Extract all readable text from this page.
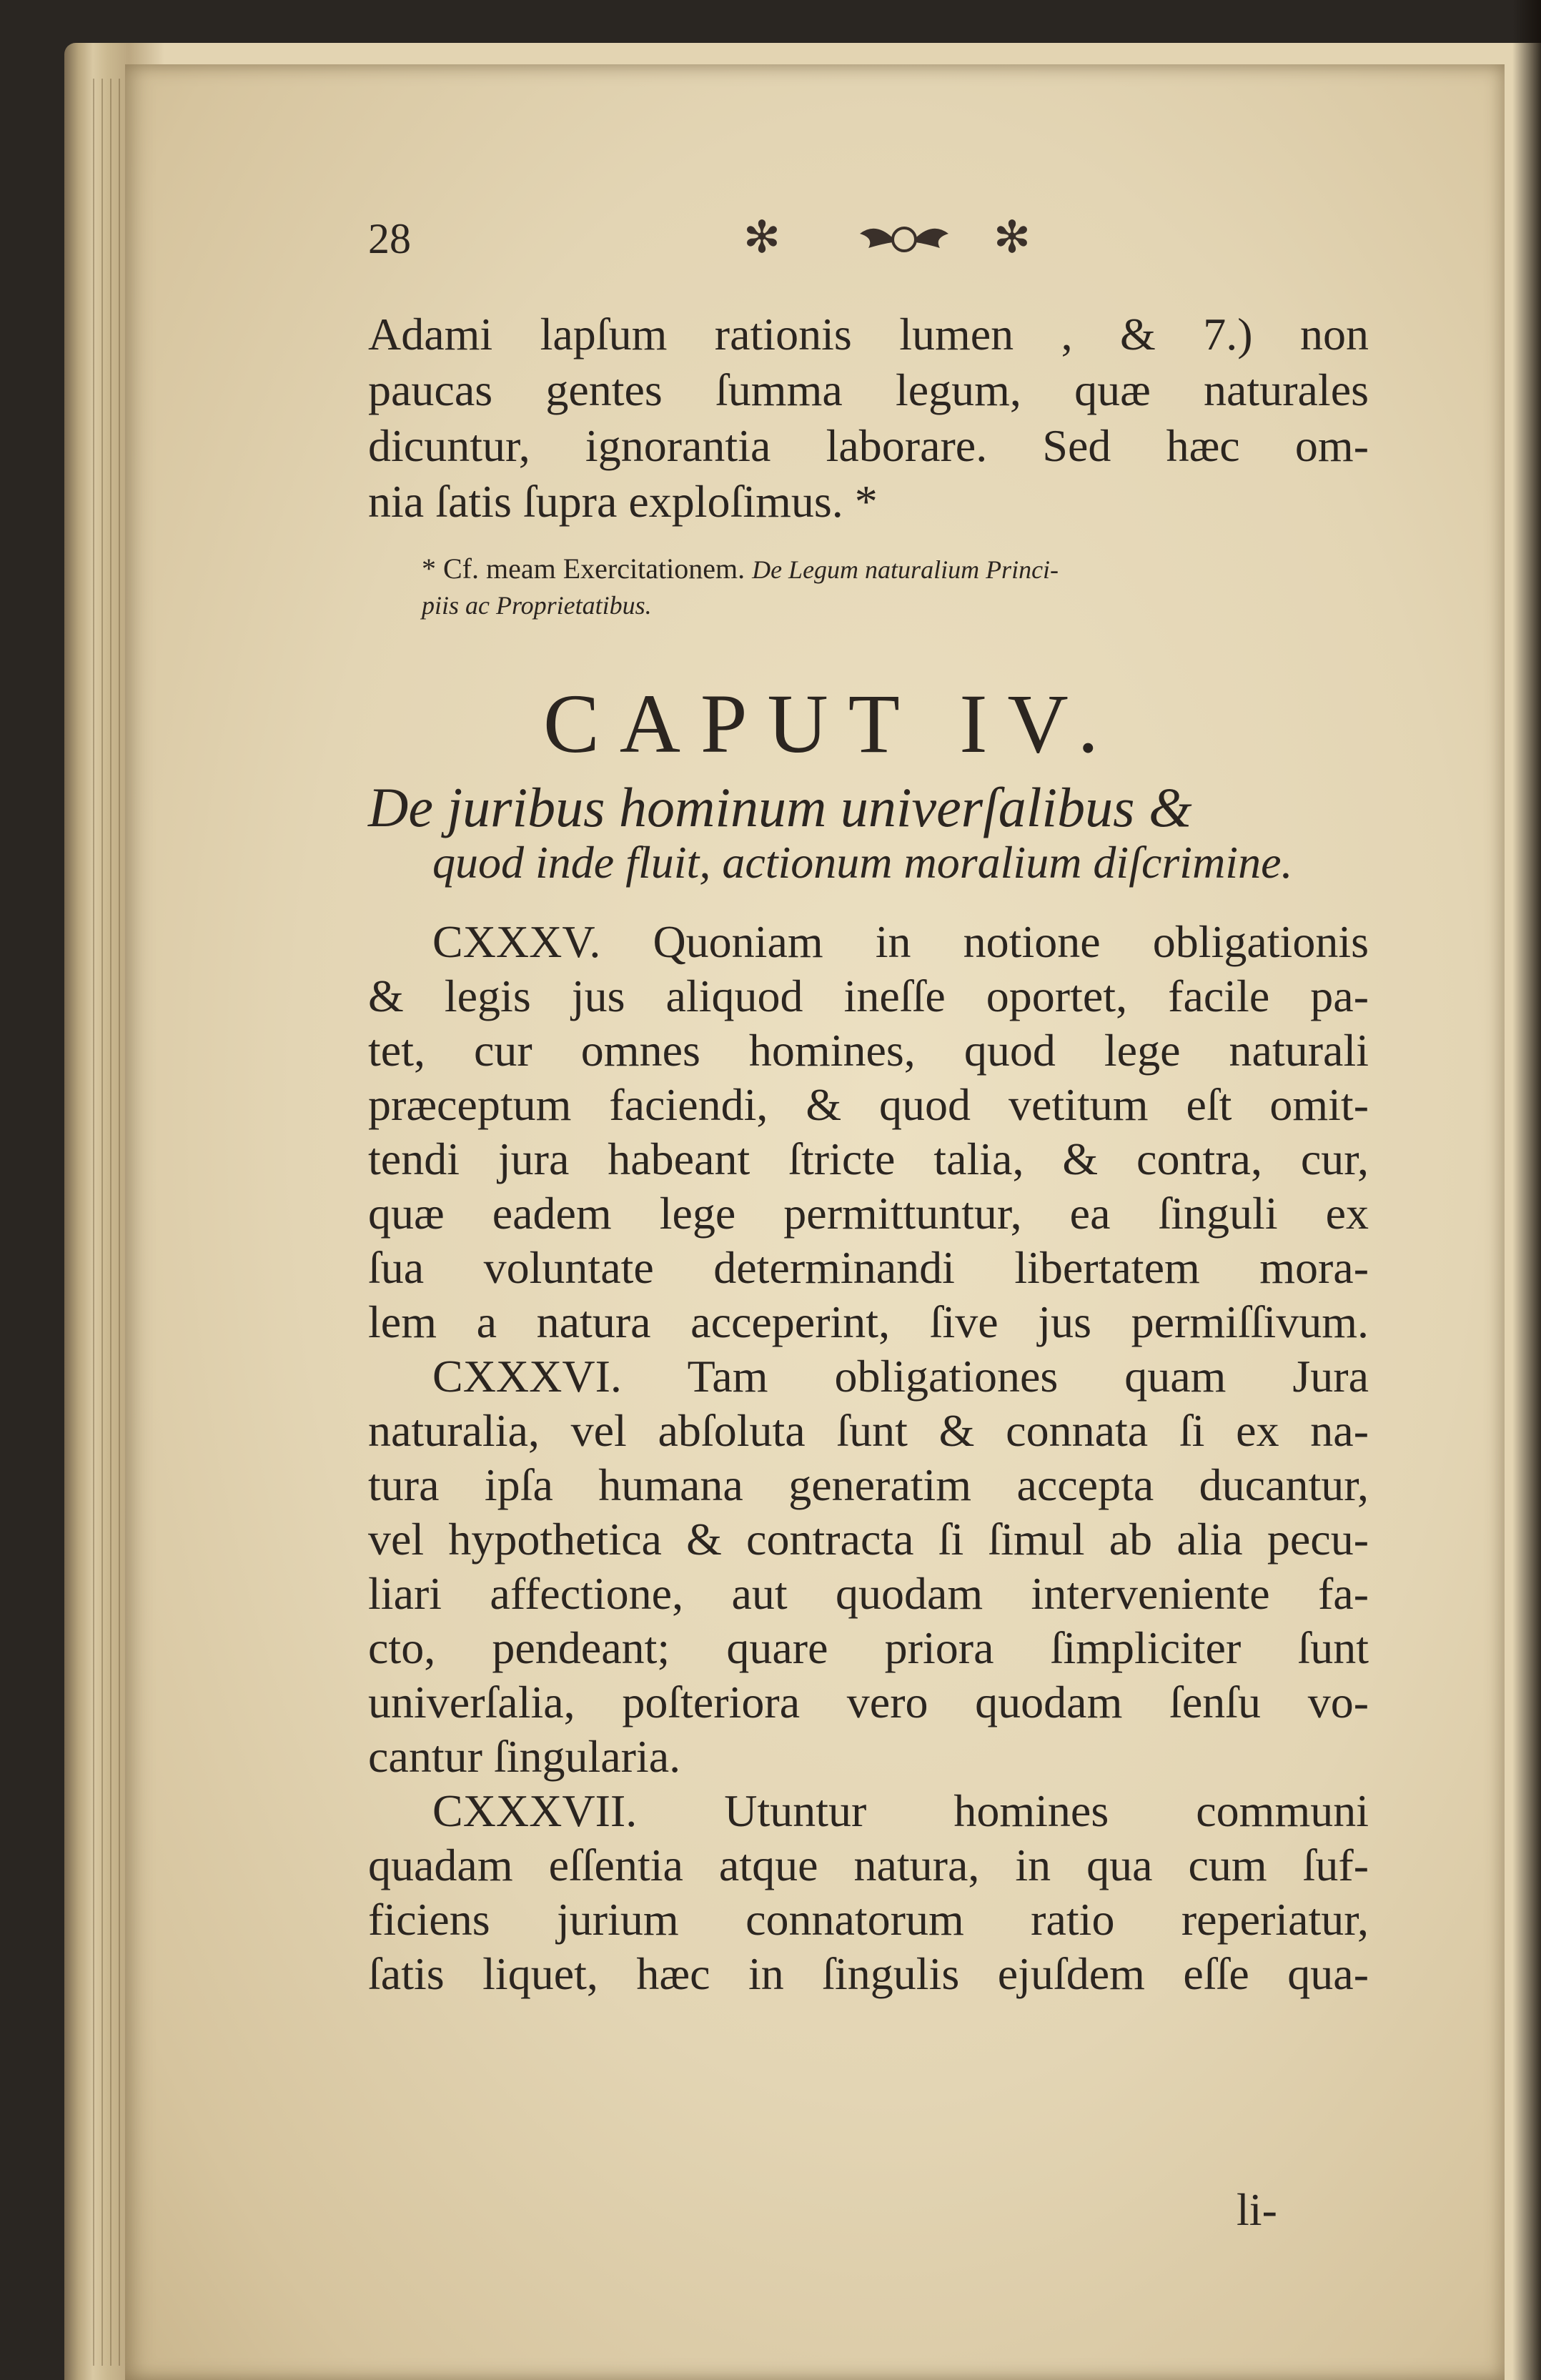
28	✻	✻
Adami lapſum rationis lumen , & 7.) non
paucas gentes ſumma legum, quæ naturales
dicuntur, ignorantia laborare. Sed hæc om-
nia ſatis ſupra exploſimus. *
* Cf. meam Exercitationem. De Legum naturalium Princi-
piis ac Proprietatibus.
CAPUT IV.
De juribus hominum univerſalibus &
quod inde fluit, actionum moralium diſcrimine.
CXXXV. Quoniam in notione obligationis
& legis jus aliquod ineſſe oportet, facile pa-
tet, cur omnes homines, quod lege naturali
præceptum faciendi, & quod vetitum eſt omit-
tendi jura habeant ſtricte talia, & contra, cur,
quæ eadem lege permittuntur, ea ſinguli ex
ſua voluntate determinandi libertatem mora-
lem a natura acceperint, ſive jus permiſſivum.
CXXXVI. Tam obligationes quam Jura
naturalia, vel abſoluta ſunt & connata ſi ex na-
tura ipſa humana generatim accepta ducantur,
vel hypothetica & contracta ſi ſimul ab alia pecu-
liari affectione, aut quodam interveniente fa-
cto, pendeant; quare priora ſimpliciter ſunt
univerſalia, poſteriora vero quodam ſenſu vo-
cantur ſingularia.
CXXXVII. Utuntur homines communi
quadam eſſentia atque natura, in qua cum ſuf-
ficiens jurium connatorum ratio reperiatur,
ſatis liquet, hæc in ſingulis ejuſdem eſſe qua-
li-
